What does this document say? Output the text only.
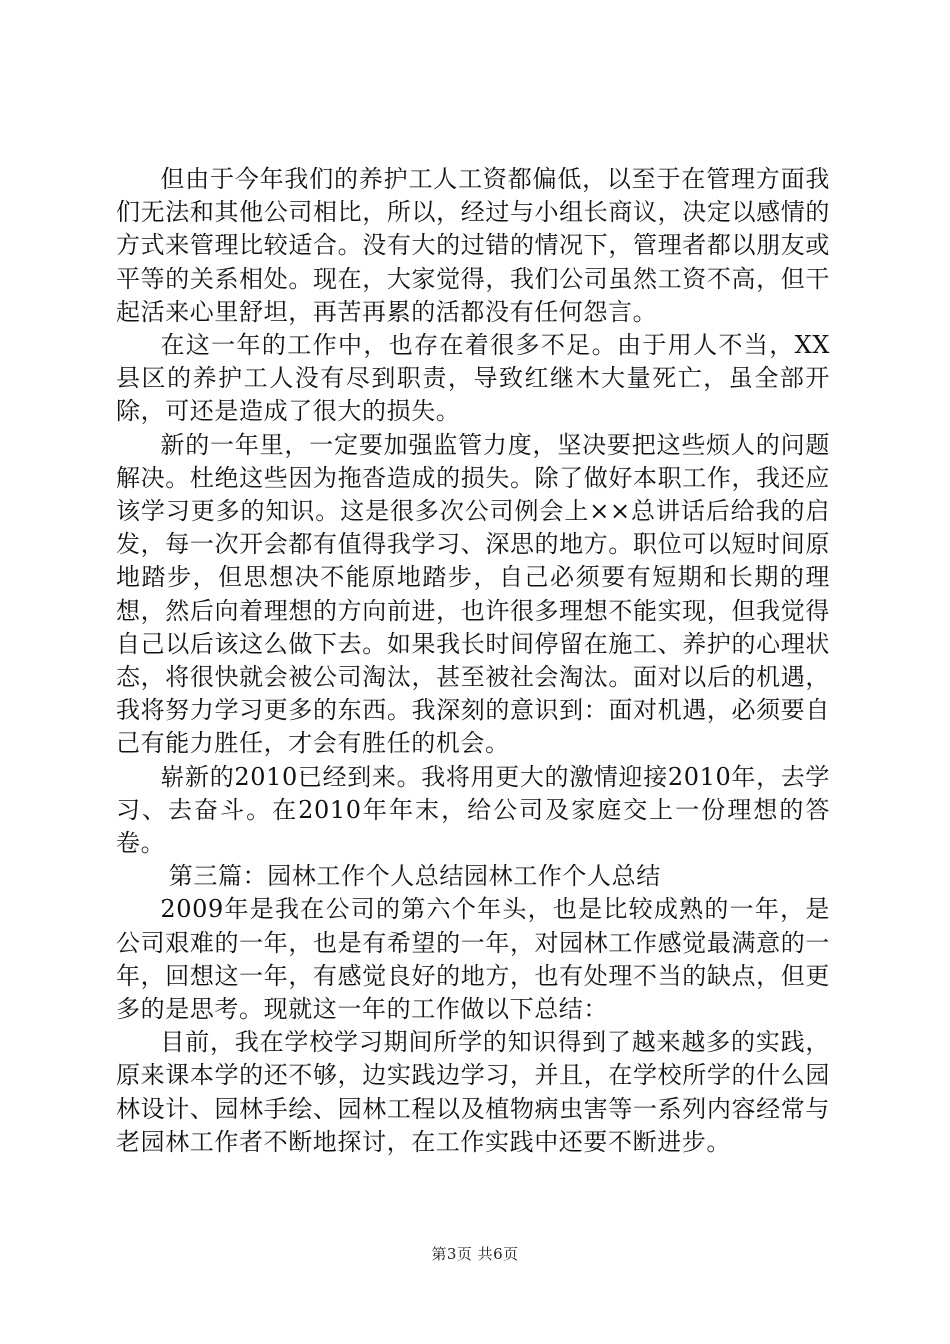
但由于今年我们的养护工人工资都偏低，以至于在管理方面我们无法和其他公司相比，所以，经过与小组长商议，决定以感情的方式来管理比较适合。没有大的过错的情况下，管理者都以朋友或平等的关系相处。现在，大家觉得，我们公司虽然工资不高，但干起活来心里舒坦，再苦再累的活都没有任何怨言。

在这一年的工作中，也存在着很多不足。由于用人不当，XX县区的养护工人没有尽到职责，导致红继木大量死亡，虽全部开除，可还是造成了很大的损失。

新的一年里，一定要加强监管力度，坚决要把这些烦人的问题解决。杜绝这些因为拖沓造成的损失。除了做好本职工作，我还应该学习更多的知识。这是很多次公司例会上××总讲话后给我的启发，每一次开会都有值得我学习、深思的地方。职位可以短时间原地踏步，但思想决不能原地踏步，自己必须要有短期和长期的理想，然后向着理想的方向前进，也许很多理想不能实现，但我觉得自己以后该这么做下去。如果我长时间停留在施工、养护的心理状态，将很快就会被公司淘汰，甚至被社会淘汰。面对以后的机遇，我将努力学习更多的东西。我深刻的意识到：面对机遇，必须要自己有能力胜任，才会有胜任的机会。

崭新的2010已经到来。我将用更大的激情迎接2010年，去学习、去奋斗。在2010年年末，给公司及家庭交上一份理想的答卷。

第三篇：园林工作个人总结园林工作个人总结

2009年是我在公司的第六个年头，也是比较成熟的一年，是公司艰难的一年，也是有希望的一年，对园林工作感觉最满意的一年，回想这一年，有感觉良好的地方，也有处理不当的缺点，但更多的是思考。现就这一年的工作做以下总结：

目前，我在学校学习期间所学的知识得到了越来越多的实践，原来课本学的还不够，边实践边学习，并且，在学校所学的什么园林设计、园林手绘、园林工程以及植物病虫害等一系列内容经常与老园林工作者不断地探讨，在工作实践中还要不断进步。

第3页 共6页
